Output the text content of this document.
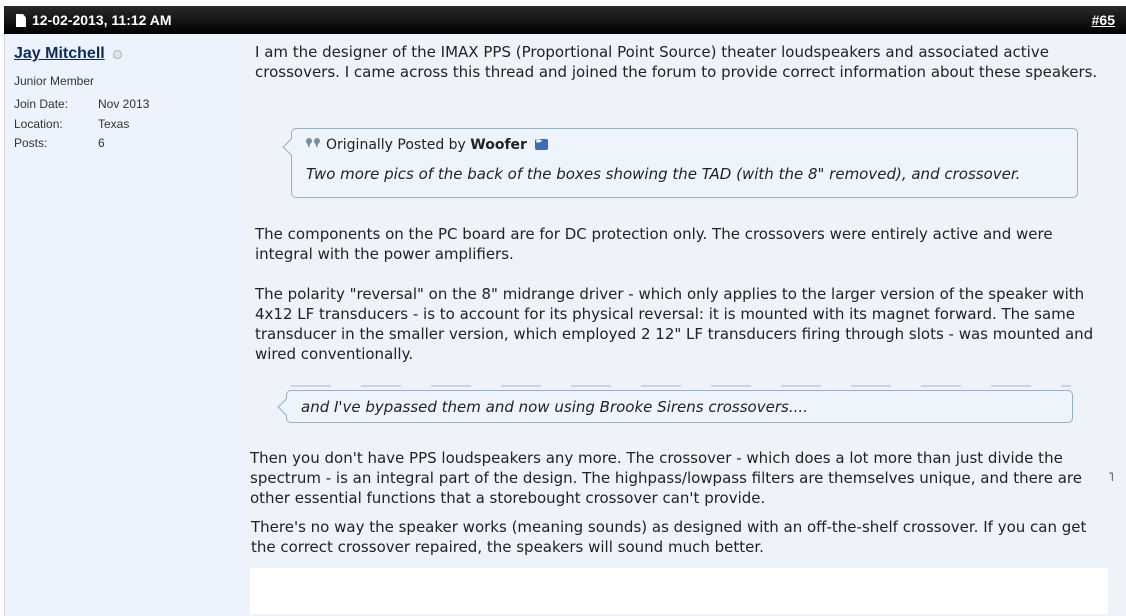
12-02-2013, 11:12 AM	#65
Jay Mitchell
Junior Member
Join Date: Nov 2013
Location:	Texas
Posts:	6

I am the designer of the IMAX PPS (Proportional Point Source) theater loudspeakers and associated active crossovers. I came across this thread and joined the forum to provide correct information about these speakers.

Originally Posted by Woofer ▸▸
Two more pics of the back of the boxes showing the TAD (with the 8" removed), and crossover.

The components on the PC board are for DC protection only. The crossovers were entirely active and were integral with the power amplifiers.

The polarity "reversal" on the 8" midrange driver - which only applies to the larger version of the speaker with 4x12 LF transducers - is to account for its physical reversal: it is mounted with its magnet forward. The same transducer in the smaller version, which employed 2 12" LF transducers firing through slots - was mounted and wired conventionally.

and I've bypassed them and now using Brooke Sirens crossovers....

Then you don't have PPS loudspeakers any more. The crossover - which does a lot more than just divide the spectrum - is an integral part of the design. The highpass/lowpass filters are themselves unique, and there are other essential functions that a storebought crossover can't provide.

˥

There's no way the speaker works (meaning sounds) as designed with an off-the-shelf crossover. If you can get the correct crossover repaired, the speakers will sound much better.
